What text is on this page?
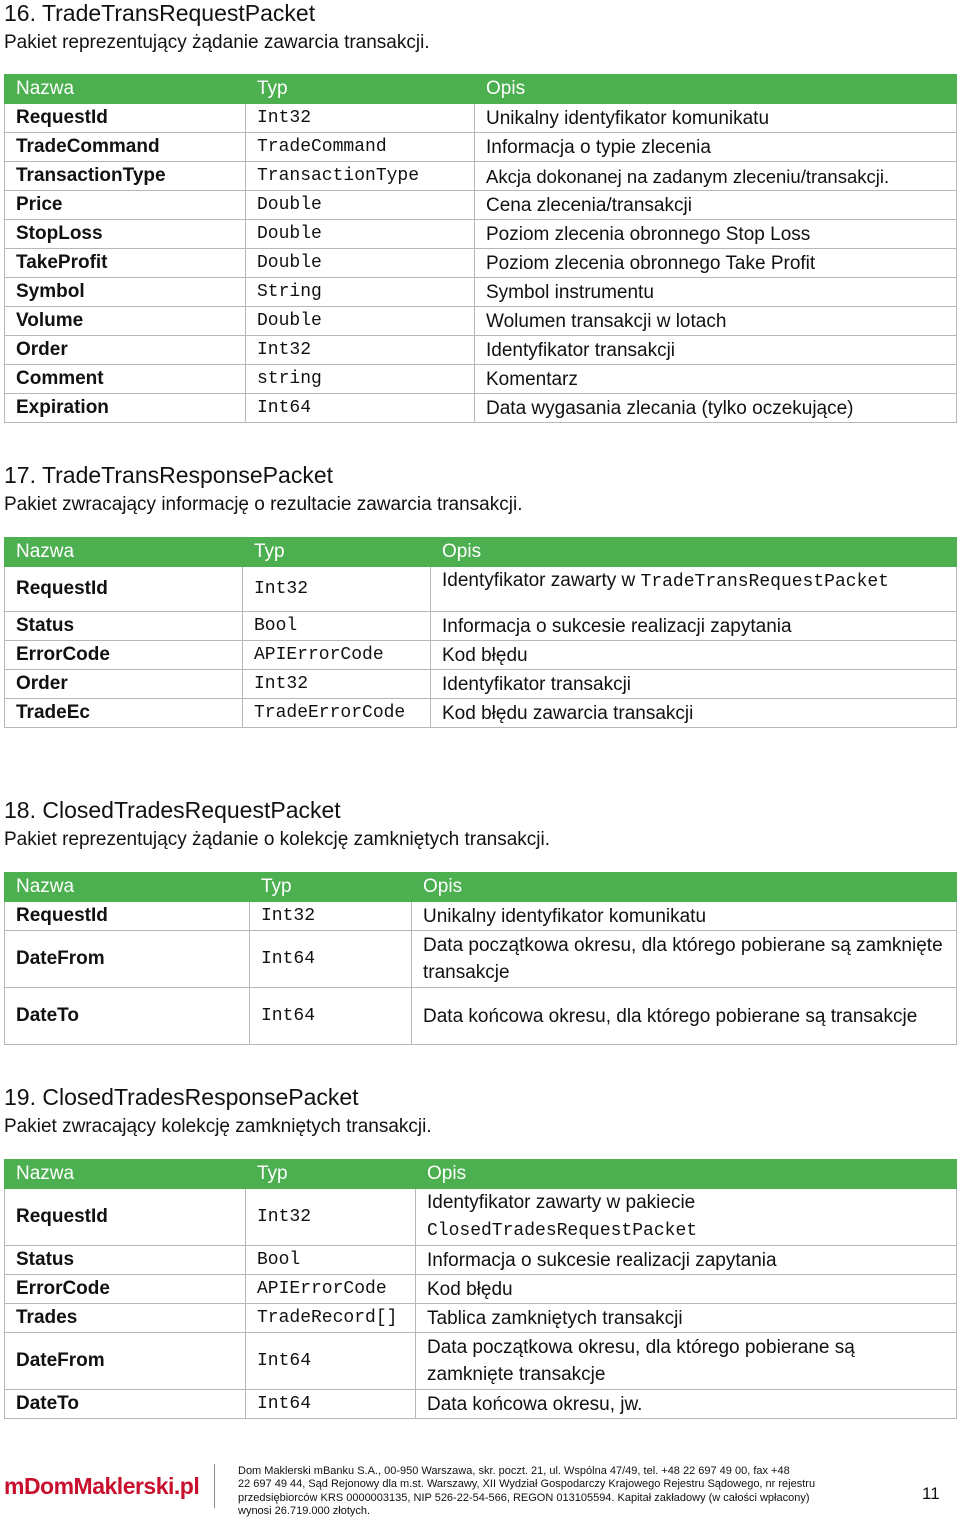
16. TradeTransRequestPacket

Pakiet reprezentujący żądanie zawarcia transakcji.

Nazwa	Typ	Opis
RequestId	Int32	Unikalny identyfikator komunikatu
TradeCommand	TradeCommand	Informacja o typie zlecenia
TransactionType	TransactionType	Akcja dokonanej na zadanym zleceniu/transakcji.
Price	Double	Cena zlecenia/transakcji
StopLoss	Double	Poziom zlecenia obronnego Stop Loss
TakeProfit	Double	Poziom zlecenia obronnego Take Profit
Symbol	String	Symbol instrumentu
Volume	Double	Wolumen transakcji w lotach
Order	Int32	Identyfikator transakcji
Comment	string	Komentarz
Expiration	Int64	Data wygasania zlecania (tylko oczekujące)
17. TradeTransResponsePacket

Pakiet zwracający informację o rezultacie zawarcia transakcji.

Nazwa	Typ	Opis
RequestId	Int32	Identyfikator zawarty w TradeTransRequestPacket
Status	Bool	Informacja o sukcesie realizacji zapytania
ErrorCode	APIErrorCode	Kod błędu
Order	Int32	Identyfikator transakcji
TradeEc	TradeErrorCode	Kod błędu zawarcia transakcji
18. ClosedTradesRequestPacket

Pakiet reprezentujący żądanie o kolekcję zamkniętych transakcji.

Nazwa	Typ	Opis
RequestId	Int32	Unikalny identyfikator komunikatu
DateFrom	Int64	Data początkowa okresu, dla którego pobierane są zamknięte transakcje
DateTo	Int64	Data końcowa okresu, dla którego pobierane są transakcje
19. ClosedTradesResponsePacket

Pakiet zwracający kolekcję zamkniętych transakcji.

Nazwa	Typ	Opis
RequestId	Int32	Identyfikator zawarty w pakiecie
ClosedTradesRequestPacket
Status	Bool	Informacja o sukcesie realizacji zapytania
ErrorCode	APIErrorCode	Kod błędu
Trades	TradeRecord[]	Tablica zamkniętych transakcji
DateFrom	Int64	Data początkowa okresu, dla którego pobierane są zamknięte transakcje
DateTo	Int64	Data końcowa okresu, jw.
mDomMaklerski.pl
Dom Maklerski mBanku S.A., 00-950 Warszawa, skr. poczt. 21, ul. Wspólna 47/49, tel. +48 22 697 49 00, fax +48
22 697 49 44, Sąd Rejonowy dla m.st. Warszawy, XII Wydział Gospodarczy Krajowego Rejestru Sądowego, nr rejestru
przedsiębiorców KRS 0000003135, NIP 526-22-54-566, REGON 013105594. Kapitał zakładowy (w całości wpłacony)
wynosi 26.719.000 złotych.
11
